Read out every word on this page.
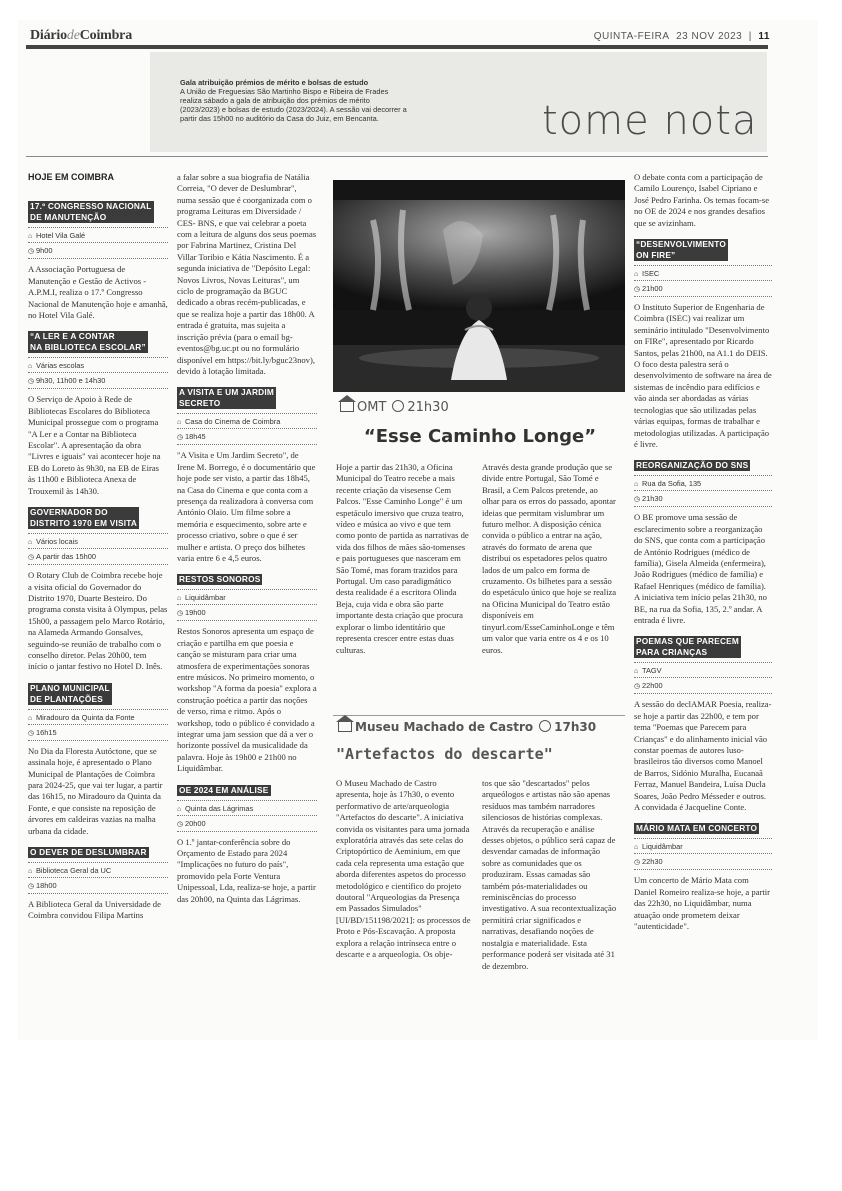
DiáriodeCoimbra	QUINTA-FEIRA 23 NOV 2023  |  11
Gala atribuição prémios de mérito e bolsas de estudo
A União de Freguesias São Martinho Bispo e Ribeira de Frades realiza sábado a gala de atribuição dos prémios de mérito (2023/2023) e bolsas de estudo (2023/2024). A sessão vai decorrer a partir das 15h00 no auditório da Casa do Juiz, em Bencanta.	tome nota
HOJE EM COIMBRA
17.º CONGRESSO NACIONAL
DE MANUTENÇÃO
⌂ Hotel Vila Galé
◷ 9h00

A Associação Portuguesa de Manutenção e Gestão de Activos - A.P.M.I, realiza o 17.º Congresso Nacional de Manutenção hoje e amanhã, no Hotel Vila Galé.

“A LER E A CONTAR
NA BIBLIOTECA ESCOLAR”
⌂ Várias escolas
◷ 9h30, 11h00 e 14h30

O Serviço de Apoio à Rede de Bibliotecas Escolares do Biblioteca Municipal prossegue com o programa "A Ler e a Contar na Biblioteca Escolar". A apresentação da obra "Livres e iguais" vai acontecer hoje na EB do Loreto às 9h30, na EB de Eiras às 11h00 e Biblioteca Anexa de Trouxemil às 14h30.

GOVERNADOR DO
DISTRITO 1970 EM VISITA
⌂ Vários locais
◷ A partir das 15h00

O Rotary Club de Coimbra recebe hoje a visita oficial do Governador do Distrito 1970, Duarte Besteiro. Do programa consta visita à Olympus, pelas 15h00, a passagem pelo Marco Rotário, na Alameda Armando Gonsalves, seguindo-se reunião de trabalho com o conselho diretor. Pelas 20h00, tem início o jantar festivo no Hotel D. Inês.

PLANO MUNICIPAL
DE PLANTAÇÕES
⌂ Miradouro da Quinta da Fonte
◷ 16h15

No Dia da Floresta Autóctone, que se assinala hoje, é apresentado o Plano Municipal de Plantações de Coimbra para 2024-25, que vai ter lugar, a partir das 16h15, no Miradouro da Quinta da Fonte, e que consiste na reposição de árvores em caldeiras vazias na malha urbana da cidade.

O DEVER DE DESLUMBRAR
⌂ Biblioteca Geral da UC
◷ 18h00

A Biblioteca Geral da Universidade de Coimbra convidou Filipa Martins

a falar sobre a sua biografia de Natália Correia, "O dever de Deslumbrar", numa sessão que é coorganizada com o programa Leituras em Diversidade / CES- BNS, e que vai celebrar a poeta com a leitura de alguns dos seus poemas por Fabrina Martinez, Cristina Del Villar Toribio e Kátia Nascimento. É a segunda iniciativa de "Depósito Legal: Novos Livros, Novas Leituras", um ciclo de programação da BGUC dedicado a obras recém-publicadas, e que se realiza hoje a partir das 18h00. A entrada é gratuita, mas sujeita a inscrição prévia (para o email bg-eventos@bg.uc.pt ou no formulário disponível em https://bit.ly/bguc23nov), devido à lotação limitada.

A VISITA E UM JARDIM
SECRETO
⌂ Casa do Cinema de Coimbra
◷ 18h45

"A Visita e Um Jardim Secreto", de Irene M. Borrego, é o documentário que hoje pode ser visto, a partir das 18h45, na Casa do Cinema e que conta com a presença da realizadora à conversa com António Olaio. Um filme sobre a memória e esquecimento, sobre arte e processo criativo, sobre o que é ser mulher e artista. O preço dos bilhetes varia entre 6 e 4,5 euros.

RESTOS SONOROS
⌂ Liquidâmbar
◷ 19h00

Restos Sonoros apresenta um espaço de criação e partilha em que poesia e canção se misturam para criar uma atmosfera de experimentações sonoras entre músicos. No primeiro momento, o workshop "A forma da poesia" explora a construção poética a partir das noções de verso, rima e ritmo. Após o workshop, todo o público é convidado a integrar uma jam session que dá a ver o horizonte possível da musicalidade da palavra. Hoje às 19h00 e 21h00 no Liquidâmbar.

OE 2024 EM ANÁLISE
⌂ Quinta das Lágrimas
◷ 20h00

O 1.º jantar-conferência sobre do Orçamento de Estado para 2024 "Implicações no futuro do país", promovido pela Forte Ventura Unipessoal, Lda, realiza-se hoje, a partir das 20h00, na Quinta das Lágrimas.

OMT 21h30
“Esse Caminho Longe”

Hoje a partir das 21h30, a Oficina Municipal do Teatro recebe a mais recente criação da visesense Cem Palcos. "Esse Caminho Longe" é um espetáculo imersivo que cruza teatro, vídeo e música ao vivo e que tem como ponto de partida as narrativas de vida dos filhos de mães são-tomenses e pais portugueses que nasceram em São Tomé, mas foram trazidos para Portugal. Um caso paradigmático desta realidade é a escritora Olinda Beja, cuja vida e obra são parte importante desta criação que procura explorar o limbo identitário que representa crescer entre estas duas culturas.

Através desta grande produção que se divide entre Portugal, São Tomé e Brasil, a Cem Palcos pretende, ao olhar para os erros do passado, apontar ideias que permitam vislumbrar um futuro melhor. A disposição cénica convida o público a entrar na ação, através do formato de arena que distribui os espetadores pelos quatro lados de um palco em forma de cruzamento. Os bilhetes para a sessão do espetáculo único que hoje se realiza na Oficina Municipal do Teatro estão disponíveis em tinyurl.com/EsseCaminhoLonge e têm um valor que varia entre os 4 e os 10 euros.

Museu Machado de Castro 17h30
"Artefactos do descarte"

O Museu Machado de Castro apresenta, hoje às 17h30, o evento performativo de arte/arqueologia "Artefactos do descarte". A iniciativa convida os visitantes para uma jornada exploratória através das sete celas do Criptopórtico de Aeminium, em que cada cela representa uma estação que aborda diferentes aspetos do processo metodológico e científico do projeto doutoral "Arqueologias da Presença em Passados Simulados" [UI/BD/151198/2021]: os processos de Proto e Pós-Escavação. A proposta explora a relação intrínseca entre o descarte e a arqueologia. Os obje-

tos que são "descartados" pelos arqueólogos e artistas não são apenas resíduos mas também narradores silenciosos de histórias complexas. Através da recuperação e análise desses objetos, o público será capaz de desvendar camadas de informação sobre as comunidades que os produziram. Essas camadas são também pós-materialidades ou reminiscências do processo investigativo. A sua recontextualização permitirá criar significados e narrativas, desafiando noções de nostalgia e materialidade. Esta performance poderá ser visitada até 31 de dezembro.

O debate conta com a participação de Camilo Lourenço, Isabel Cipriano e José Pedro Farinha. Os temas focam-se no OE de 2024 e nos grandes desafios que se avizinham.

“DESENVOLVIMENTO
ON FIRE”
⌂ ISEC
◷ 21h00

O Instituto Superior de Engenharia de Coimbra (ISEC) vai realizar um seminário intitulado "Desenvolvimento on FIRe", apresentado por Ricardo Santos, pelas 21h00, na A1.1 do DEIS. O foco desta palestra será o desenvolvimento de software na área de sistemas de incêndio para edifícios e vão ainda ser abordadas as várias tecnologias que são utilizadas pelas várias equipas, formas de trabalhar e metodologias utilizadas. A participação é livre.

REORGANIZAÇÃO DO SNS
⌂ Rua da Sofia, 135
◷ 21h30

O BE promove uma sessão de esclarecimento sobre a reorganização do SNS, que conta com a participação de António Rodrigues (médico de família), Gisela Almeida (enfermeira), João Rodrigues (médico de família) e Rafael Henriques (médico de família). A iniciativa tem início pelas 21h30, no BE, na rua da Sofia, 135, 2.º andar. A entrada é livre.

POEMAS QUE PARECEM
PARA CRIANÇAS
⌂ TAGV
◷ 22h00

A sessão do declAMAR Poesia, realiza-se hoje a partir das 22h00, e tem por tema "Poemas que Parecem para Crianças" e do alinhamento inicial vão constar poemas de autores luso-brasileiros tão diversos como Manoel de Barros, Sidónio Muralha, Eucanaã Ferraz, Manuel Bandeira, Luísa Ducla Soares, João Pedro Mésseder e outros. A convidada é Jacqueline Conte.

MÁRIO MATA EM CONCERTO
⌂ Liquidâmbar
◷ 22h30

Um concerto de Mário Mata com Daniel Romeiro realiza-se hoje, a partir das 22h30, no Liquidâmbar, numa atuação onde prometem deixar "autenticidade".
